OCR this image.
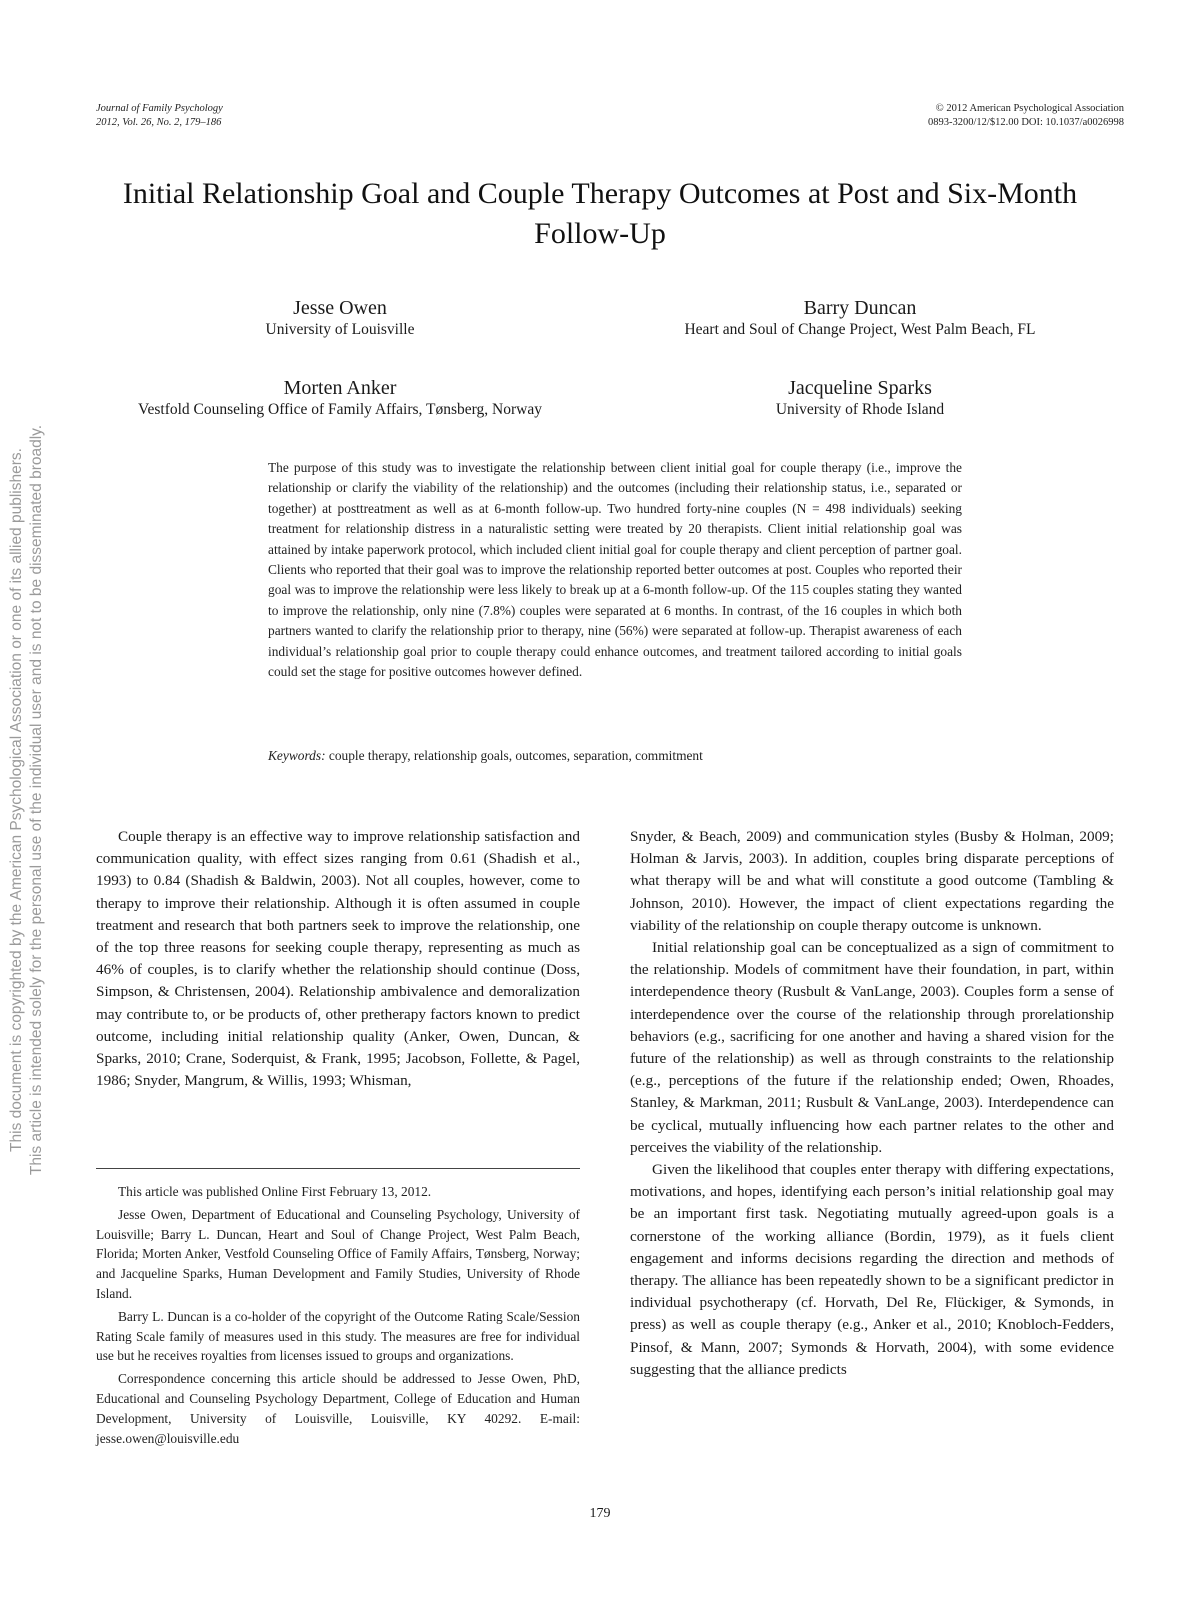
This document is copyrighted by the American Psychological Association or one of its allied publishers. This article is intended solely for the personal use of the individual user and is not to be disseminated broadly.
Journal of Family Psychology
2012, Vol. 26, No. 2, 179–186
© 2012 American Psychological Association
0893-3200/12/$12.00 DOI: 10.1037/a0026998
Initial Relationship Goal and Couple Therapy Outcomes at Post and Six-Month Follow-Up
Jesse Owen
University of Louisville
Barry Duncan
Heart and Soul of Change Project, West Palm Beach, FL
Morten Anker
Vestfold Counseling Office of Family Affairs, Tønsberg, Norway
Jacqueline Sparks
University of Rhode Island
The purpose of this study was to investigate the relationship between client initial goal for couple therapy (i.e., improve the relationship or clarify the viability of the relationship) and the outcomes (including their relationship status, i.e., separated or together) at posttreatment as well as at 6-month follow-up. Two hundred forty-nine couples (N = 498 individuals) seeking treatment for relationship distress in a naturalistic setting were treated by 20 therapists. Client initial relationship goal was attained by intake paperwork protocol, which included client initial goal for couple therapy and client perception of partner goal. Clients who reported that their goal was to improve the relationship reported better outcomes at post. Couples who reported their goal was to improve the relationship were less likely to break up at a 6-month follow-up. Of the 115 couples stating they wanted to improve the relationship, only nine (7.8%) couples were separated at 6 months. In contrast, of the 16 couples in which both partners wanted to clarify the relationship prior to therapy, nine (56%) were separated at follow-up. Therapist awareness of each individual’s relationship goal prior to couple therapy could enhance outcomes, and treatment tailored according to initial goals could set the stage for positive outcomes however defined.
Keywords: couple therapy, relationship goals, outcomes, separation, commitment

Couple therapy is an effective way to improve relationship satisfaction and communication quality, with effect sizes ranging from 0.61 (Shadish et al., 1993) to 0.84 (Shadish & Baldwin, 2003). Not all couples, however, come to therapy to improve their relationship. Although it is often assumed in couple treatment and research that both partners seek to improve the relationship, one of the top three reasons for seeking couple therapy, representing as much as 46% of couples, is to clarify whether the relationship should continue (Doss, Simpson, & Christensen, 2004). Relationship ambivalence and demoralization may contribute to, or be products of, other pretherapy factors known to predict outcome, including initial relationship quality (Anker, Owen, Duncan, & Sparks, 2010; Crane, Soderquist, & Frank, 1995; Jacobson, Follette, & Pagel, 1986; Snyder, Mangrum, & Willis, 1993; Whisman,

This article was published Online First February 13, 2012.

Jesse Owen, Department of Educational and Counseling Psychology, University of Louisville; Barry L. Duncan, Heart and Soul of Change Project, West Palm Beach, Florida; Morten Anker, Vestfold Counseling Office of Family Affairs, Tønsberg, Norway; and Jacqueline Sparks, Human Development and Family Studies, University of Rhode Island.

Barry L. Duncan is a co-holder of the copyright of the Outcome Rating Scale/Session Rating Scale family of measures used in this study. The measures are free for individual use but he receives royalties from licenses issued to groups and organizations.

Correspondence concerning this article should be addressed to Jesse Owen, PhD, Educational and Counseling Psychology Department, College of Education and Human Development, University of Louisville, Louisville, KY 40292. E-mail: jesse.owen@louisville.edu

Snyder, & Beach, 2009) and communication styles (Busby & Holman, 2009; Holman & Jarvis, 2003). In addition, couples bring disparate perceptions of what therapy will be and what will constitute a good outcome (Tambling & Johnson, 2010). However, the impact of client expectations regarding the viability of the relationship on couple therapy outcome is unknown.

Initial relationship goal can be conceptualized as a sign of commitment to the relationship. Models of commitment have their foundation, in part, within interdependence theory (Rusbult & VanLange, 2003). Couples form a sense of interdependence over the course of the relationship through prorelationship behaviors (e.g., sacrificing for one another and having a shared vision for the future of the relationship) as well as through constraints to the relationship (e.g., perceptions of the future if the relationship ended; Owen, Rhoades, Stanley, & Markman, 2011; Rusbult & VanLange, 2003). Interdependence can be cyclical, mutually influencing how each partner relates to the other and perceives the viability of the relationship.

Given the likelihood that couples enter therapy with differing expectations, motivations, and hopes, identifying each person’s initial relationship goal may be an important first task. Negotiating mutually agreed-upon goals is a cornerstone of the working alliance (Bordin, 1979), as it fuels client engagement and informs decisions regarding the direction and methods of therapy. The alliance has been repeatedly shown to be a significant predictor in individual psychotherapy (cf. Horvath, Del Re, Flückiger, & Symonds, in press) as well as couple therapy (e.g., Anker et al., 2010; Knobloch-Fedders, Pinsof, & Mann, 2007; Symonds & Horvath, 2004), with some evidence suggesting that the alliance predicts

179
